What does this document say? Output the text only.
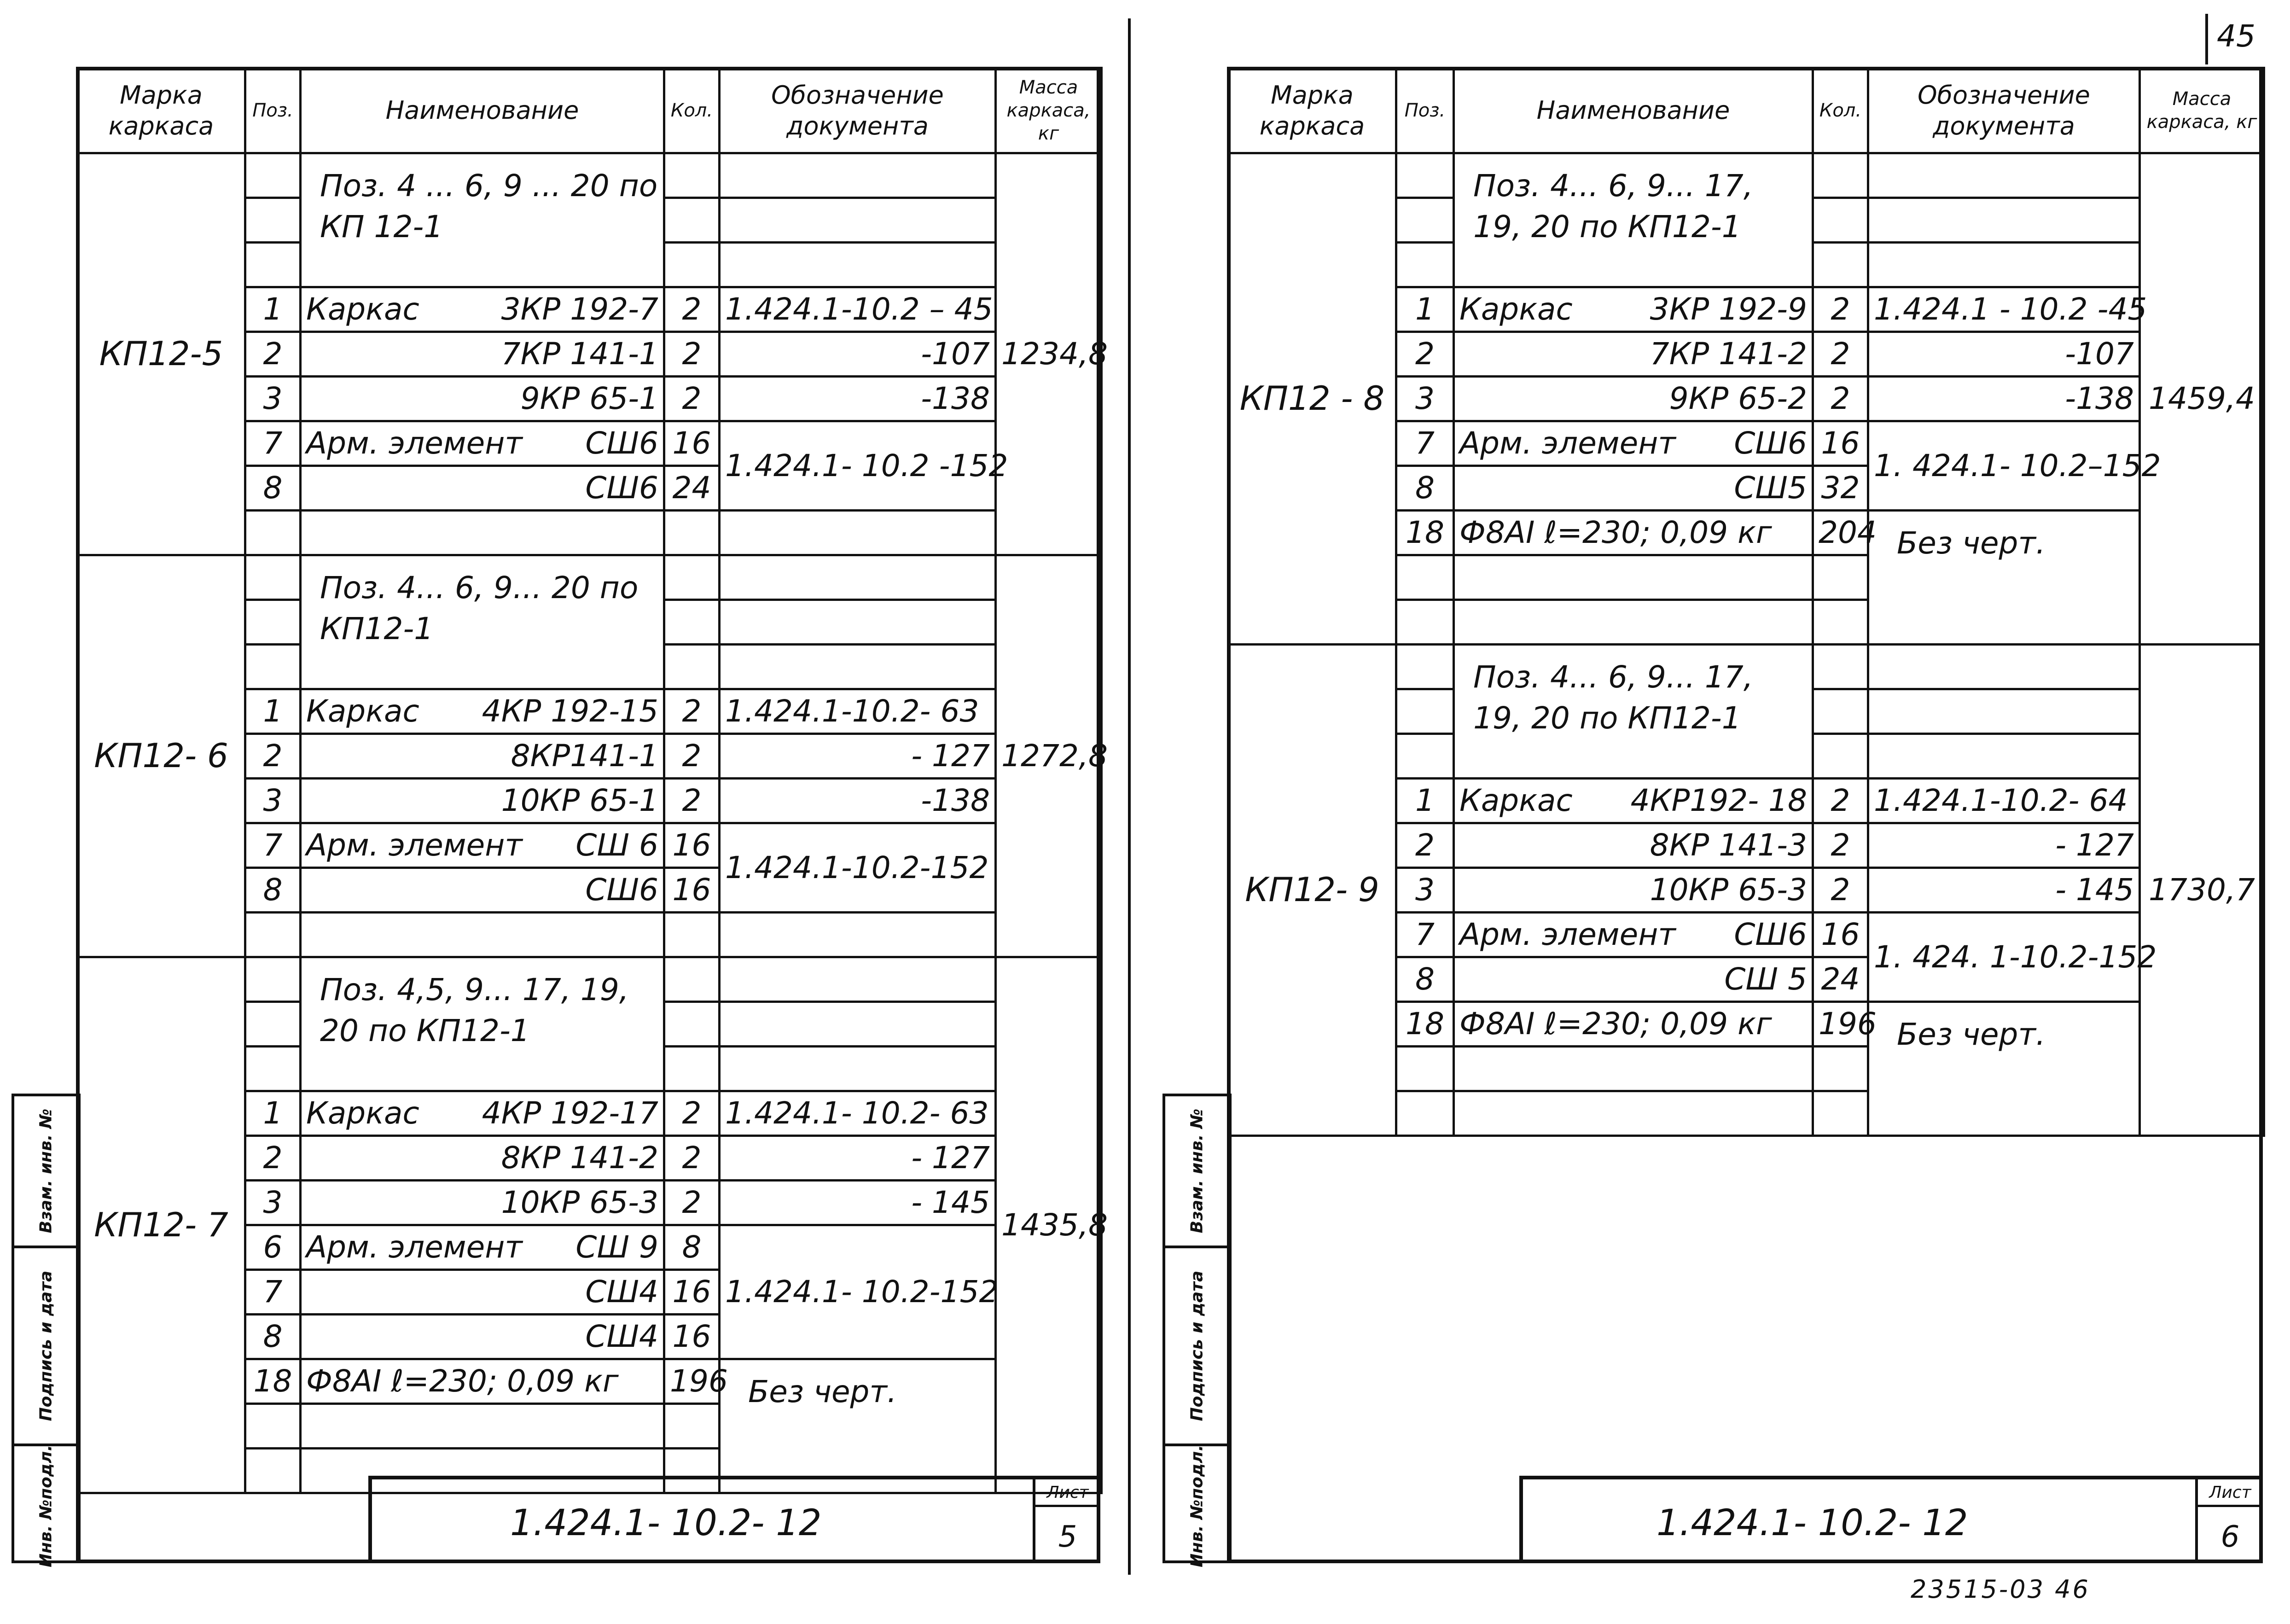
45
Взам. инв. №
Подпись и дата
Инв. №подл.
Марка каркаса	Поз.	Наименование	Кол.	Обозначение документа	Масса каркаса, кг
КП12-5		Поз. 4 ... 6, 9 ... 20 по КП 12-1			1234,8

	1	Каркас 3КР 192-7	2	1.424.1-10.2 – 45	
	2	7КР 141-1	2	-107	
	3	9КР 65-1	2	-138	
	7	Арм. элемент СШ6	16	1.424.1- 10.2 -152	
	8	СШ6	24		

КП12- 6		Поз. 4... 6, 9... 20 по КП12-1			1272,8

	1	Каркас 4КР 192-15	2	1.424.1-10.2- 63	
	2	8КР141-1	2	- 127	
	3	10КР 65-1	2	-138	
	7	Арм. элемент СШ 6	16	1.424.1-10.2-152	
	8	СШ6	16		

КП12- 7		Поз. 4,5, 9... 17, 19, 20 по КП12-1			1435,8

	1	Каркас 4КР 192-17	2	1.424.1- 10.2- 63	
	2	8КР 141-2	2	- 127	
	3	10КР 65-3	2	- 145	
	6	Арм. элемент СШ 9	8	1.424.1- 10.2-152	
	7	СШ4	16		
	8	СШ4	16		
	18	Ф8АI ℓ=230; 0,09 кг	196	Без черт.	

1.424.1- 10.2- 12
Лист
5
Взам. инв. №
Подпись и дата
Инв. №подл.
Марка каркаса	Поз.	Наименование	Кол.	Обозначение документа	Масса каркаса, кг
КП12 - 8		Поз. 4... 6, 9... 17, 19, 20 по КП12-1			1459,4

	1	Каркас 3КР 192-9	2	1.424.1 - 10.2 -45	
	2	7КР 141-2	2	-107	
	3	9КР 65-2	2	-138	
	7	Арм. элемент СШ6	16	1. 424.1- 10.2–152	
	8	СШ5	32		
	18	Ф8АI ℓ=230; 0,09 кг	204	Без черт.	

КП12- 9		Поз. 4... 6, 9... 17, 19, 20 по КП12-1			1730,7

	1	Каркас 4КР192- 18	2	1.424.1-10.2- 64	
	2	8КР 141-3	2	- 127	
	3	10КР 65-3	2	- 145	
	7	Арм. элемент СШ6	16	1. 424. 1-10.2-152	
	8	СШ 5	24		
	18	Ф8АI ℓ=230; 0,09 кг	196	Без черт.	

1.424.1- 10.2- 12
Лист
6
23515-03 46
